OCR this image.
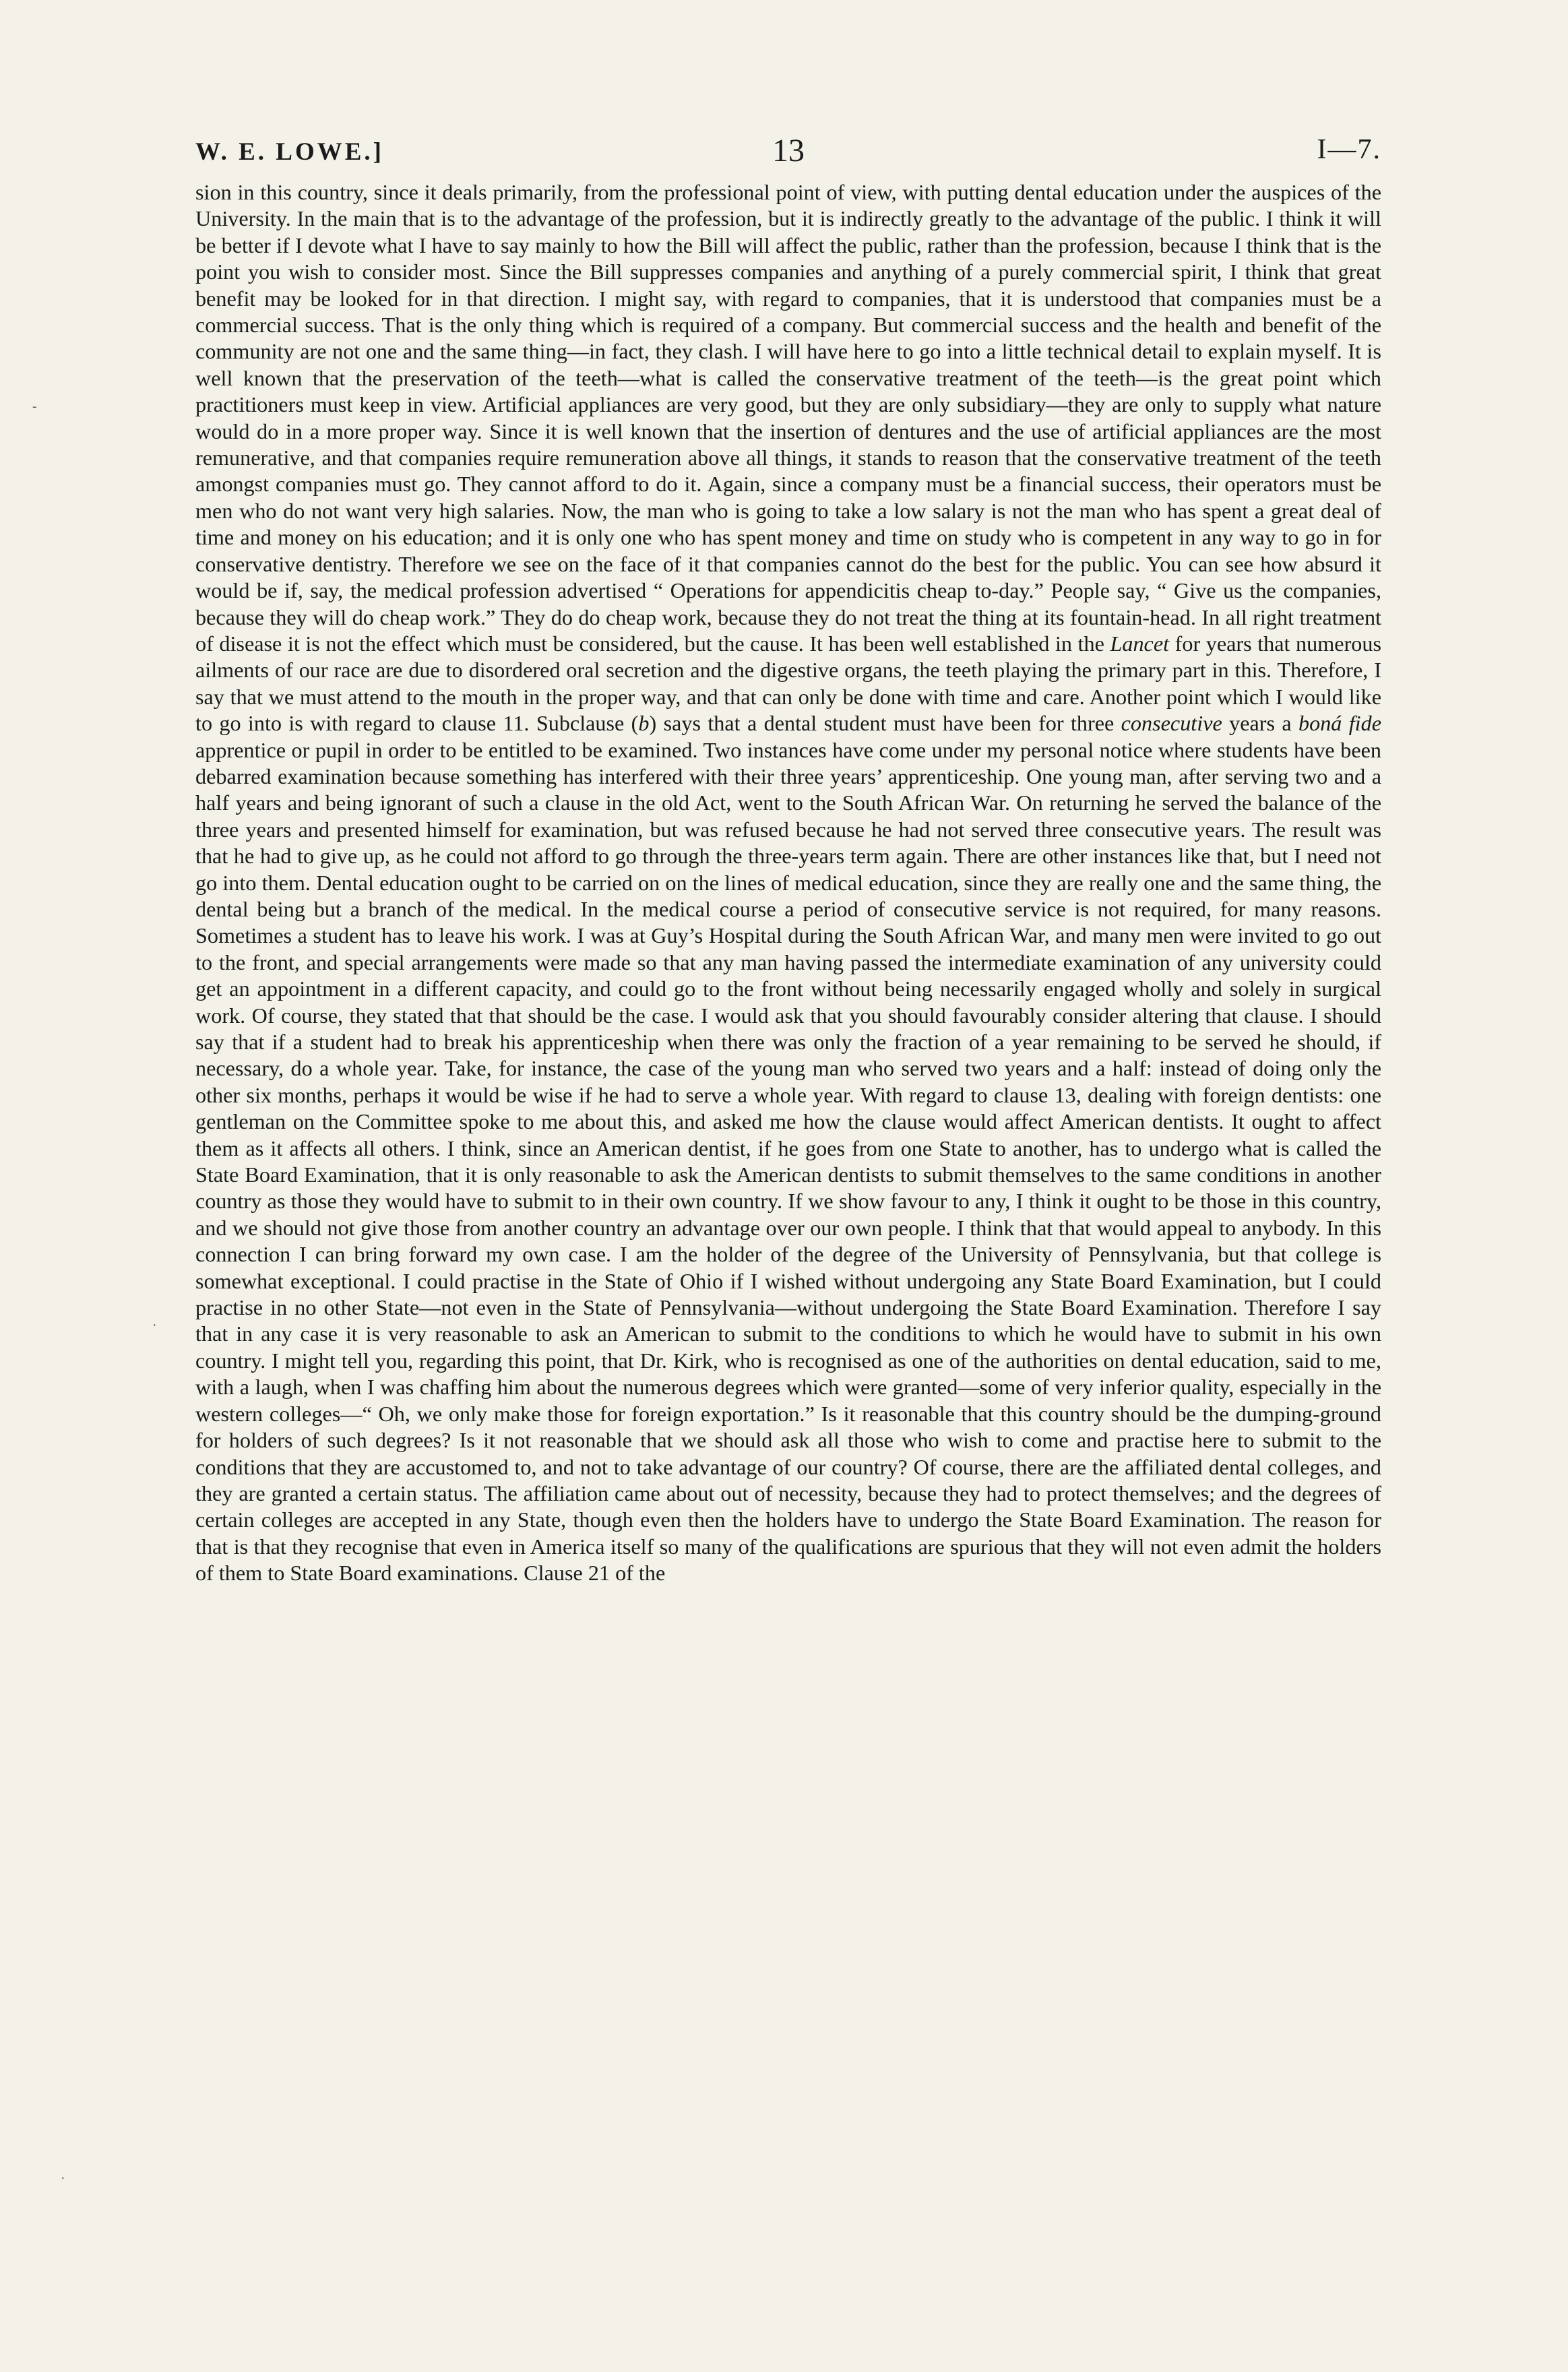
W. E. LOWE.]	13	I—7.

sion in this country, since it deals primarily, from the professional point of view, with putting dental education under the auspices of the University. In the main that is to the advantage of the profession, but it is indirectly greatly to the advantage of the public. I think it will be better if I devote what I have to say mainly to how the Bill will affect the public, rather than the profession, because I think that is the point you wish to consider most. Since the Bill suppresses companies and anything of a purely commercial spirit, I think that great benefit may be looked for in that direction. I might say, with regard to companies, that it is understood that companies must be a commercial success. That is the only thing which is required of a company. But commercial success and the health and benefit of the community are not one and the same thing—in fact, they clash. I will have here to go into a little technical detail to explain myself. It is well known that the preservation of the teeth—what is called the conservative treatment of the teeth—is the great point which practitioners must keep in view. Artificial appliances are very good, but they are only subsidiary—they are only to supply what nature would do in a more proper way. Since it is well known that the insertion of dentures and the use of artificial appliances are the most remunerative, and that companies require remuneration above all things, it stands to reason that the conservative treatment of the teeth amongst companies must go. They cannot afford to do it. Again, since a company must be a financial success, their operators must be men who do not want very high salaries. Now, the man who is going to take a low salary is not the man who has spent a great deal of time and money on his education; and it is only one who has spent money and time on study who is competent in any way to go in for conservative dentistry. Therefore we see on the face of it that companies cannot do the best for the public. You can see how absurd it would be if, say, the medical profession advertised “ Operations for appendicitis cheap to-day.” People say, “ Give us the companies, because they will do cheap work.” They do do cheap work, because they do not treat the thing at its fountain-head. In all right treatment of disease it is not the effect which must be considered, but the cause. It has been well established in the Lancet for years that numerous ailments of our race are due to disordered oral secretion and the digestive organs, the teeth playing the primary part in this. Therefore, I say that we must attend to the mouth in the proper way, and that can only be done with time and care. Another point which I would like to go into is with regard to clause 11. Subclause (b) says that a dental student must have been for three consecutive years a boná fide apprentice or pupil in order to be entitled to be examined. Two instances have come under my personal notice where students have been debarred examination because something has interfered with their three years’ apprenticeship. One young man, after serving two and a half years and being ignorant of such a clause in the old Act, went to the South African War. On returning he served the balance of the three years and presented himself for examination, but was refused because he had not served three consecutive years. The result was that he had to give up, as he could not afford to go through the three-years term again. There are other instances like that, but I need not go into them. Dental education ought to be carried on on the lines of medical education, since they are really one and the same thing, the dental being but a branch of the medical. In the medical course a period of consecutive service is not required, for many reasons. Sometimes a student has to leave his work. I was at Guy’s Hospital during the South African War, and many men were invited to go out to the front, and special arrangements were made so that any man having passed the intermediate examination of any university could get an appointment in a different capacity, and could go to the front without being necessarily engaged wholly and solely in surgical work. Of course, they stated that that should be the case. I would ask that you should favourably consider altering that clause. I should say that if a student had to break his apprenticeship when there was only the fraction of a year remaining to be served he should, if necessary, do a whole year. Take, for instance, the case of the young man who served two years and a half: instead of doing only the other six months, perhaps it would be wise if he had to serve a whole year. With regard to clause 13, dealing with foreign dentists: one gentleman on the Committee spoke to me about this, and asked me how the clause would affect American dentists. It ought to affect them as it affects all others. I think, since an American dentist, if he goes from one State to another, has to undergo what is called the State Board Examination, that it is only reasonable to ask the American dentists to submit themselves to the same conditions in another country as those they would have to submit to in their own country. If we show favour to any, I think it ought to be those in this country, and we should not give those from another country an advantage over our own people. I think that that would appeal to anybody. In this connection I can bring forward my own case. I am the holder of the degree of the University of Pennsylvania, but that college is somewhat exceptional. I could practise in the State of Ohio if I wished without undergoing any State Board Examination, but I could practise in no other State—not even in the State of Pennsylvania—without undergoing the State Board Examination. Therefore I say that in any case it is very reasonable to ask an American to submit to the conditions to which he would have to submit in his own country. I might tell you, regarding this point, that Dr. Kirk, who is recognised as one of the authorities on dental education, said to me, with a laugh, when I was chaffing him about the numerous degrees which were granted—some of very inferior quality, especially in the western colleges—“ Oh, we only make those for foreign exportation.” Is it reasonable that this country should be the dumping-ground for holders of such degrees? Is it not reasonable that we should ask all those who wish to come and practise here to submit to the conditions that they are accustomed to, and not to take advantage of our country? Of course, there are the affiliated dental colleges, and they are granted a certain status. The affiliation came about out of necessity, because they had to protect themselves; and the degrees of certain colleges are accepted in any State, though even then the holders have to undergo the State Board Examination. The reason for that is that they recognise that even in America itself so many of the qualifications are spurious that they will not even admit the holders of them to State Board examinations. Clause 21 of the

-
·
·
